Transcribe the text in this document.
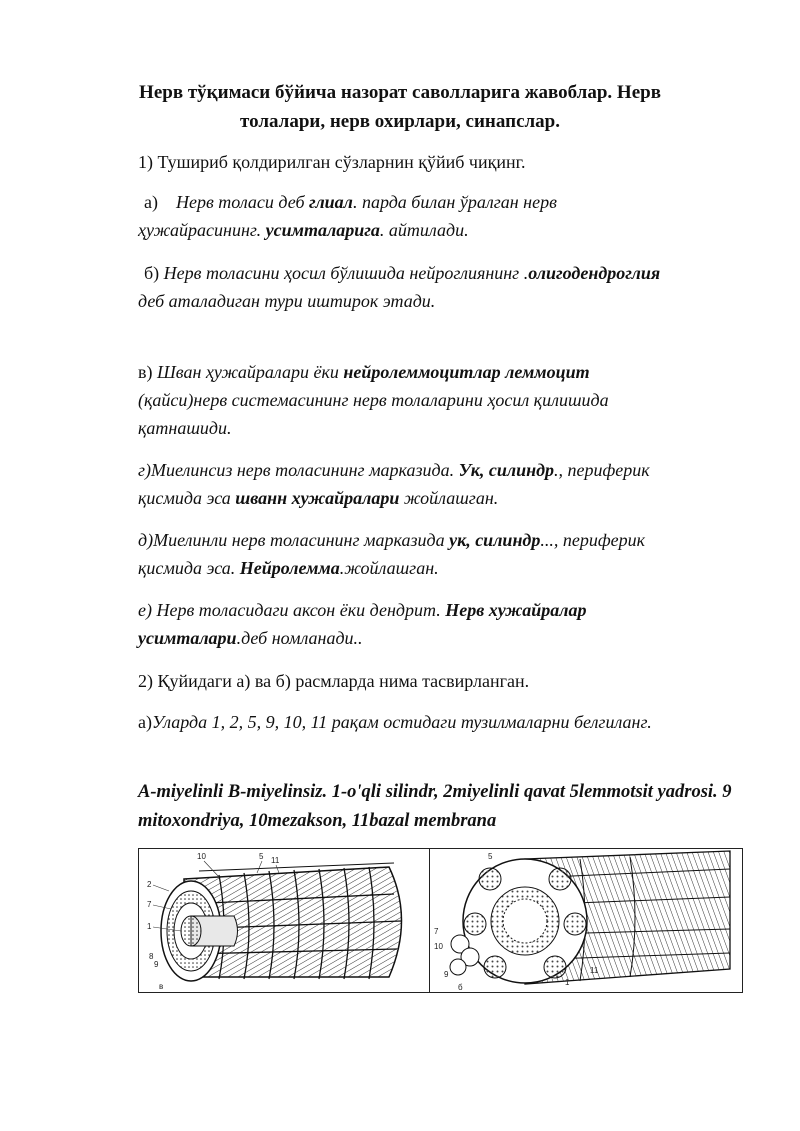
Нерв тўқимаси бўйича назорат саволларига жавоблар. Нерв толалари, нерв охирлари, синапслар.
1) Тушириб қолдирилган сўзларнин қўйиб чиқинг.
а) Нерв толаси деб глиал. парда билан ўралган нерв ҳужайрасининг. усимталарига. айтилади.
б) Нерв толасини ҳосил бўлишида нейроглиянинг .олигодендроглия деб аталадиган тури иштирок этади.
в) Шван ҳужайралари ёки нейролеммоцитлар леммоцит (қайси)нерв системасининг нерв толаларини ҳосил қилишида қатнашиди.
г)Миелинсиз нерв толасининг марказида. Ук, силиндр., периферик қисмида эса шванн хужайралари жойлашган.
д)Миелинли нерв толасининг марказида ук, силиндр..., периферик қисмида эса. Нейролемма.жойлашган.
е) Нерв толасидаги аксон ёки дендрит. Нерв хужайралар усимталари.деб номланади..
2) Қуйидаги а) ва б) расмларда нима тасвирланган.
а)Уларда 1, 2, 5, 9, 10, 11 рақам остидаги тузилмаларни белгиланг.
A-miyelinli B-miyelinsiz. 1-o'qli silindr, 2miyelinli qavat 5lemmotsit yadrosi. 9 mitoxondriya, 10mezakson, 11bazal membrana
10	5 11
2
7
1
8
9
в
5
7
10
9
1
11
б
